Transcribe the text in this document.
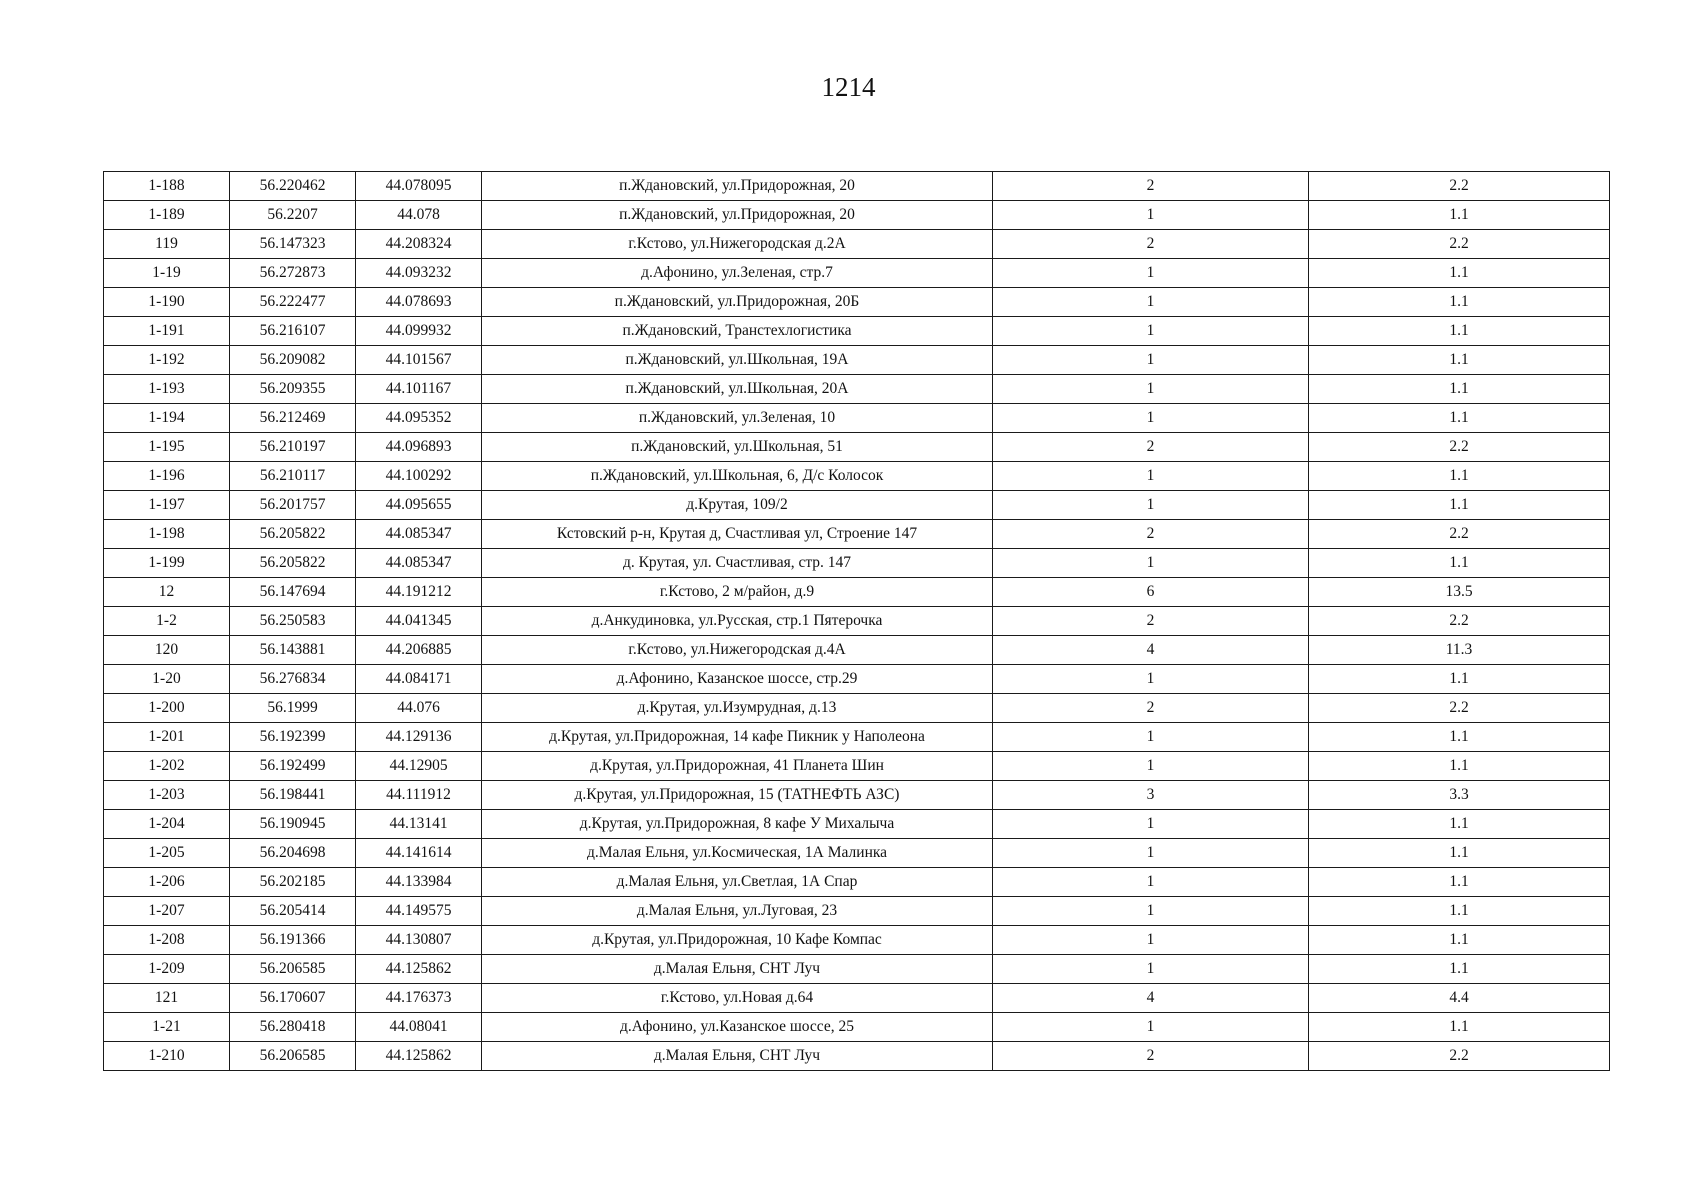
1214
1-188	56.220462	44.078095	п.Ждановский, ул.Придорожная, 20	2	2.2
1-189	56.2207	44.078	п.Ждановский, ул.Придорожная, 20	1	1.1
119	56.147323	44.208324	г.Кстово, ул.Нижегородская д.2А	2	2.2
1-19	56.272873	44.093232	д.Афонино, ул.Зеленая, стр.7	1	1.1
1-190	56.222477	44.078693	п.Ждановский, ул.Придорожная, 20Б	1	1.1
1-191	56.216107	44.099932	п.Ждановский, Транстехлогистика	1	1.1
1-192	56.209082	44.101567	п.Ждановский, ул.Школьная, 19А	1	1.1
1-193	56.209355	44.101167	п.Ждановский, ул.Школьная, 20А	1	1.1
1-194	56.212469	44.095352	п.Ждановский, ул.Зеленая, 10	1	1.1
1-195	56.210197	44.096893	п.Ждановский, ул.Школьная, 51	2	2.2
1-196	56.210117	44.100292	п.Ждановский, ул.Школьная, 6, Д/с Колосок	1	1.1
1-197	56.201757	44.095655	д.Крутая, 109/2	1	1.1
1-198	56.205822	44.085347	Кстовский р-н, Крутая д, Счастливая ул, Строение 147	2	2.2
1-199	56.205822	44.085347	д. Крутая, ул. Счастливая, стр. 147	1	1.1
12	56.147694	44.191212	г.Кстово, 2 м/район, д.9	6	13.5
1-2	56.250583	44.041345	д.Анкудиновка, ул.Русская, стр.1 Пятерочка	2	2.2
120	56.143881	44.206885	г.Кстово, ул.Нижегородская д.4А	4	11.3
1-20	56.276834	44.084171	д.Афонино, Казанское шоссе, стр.29	1	1.1
1-200	56.1999	44.076	д.Крутая, ул.Изумрудная, д.13	2	2.2
1-201	56.192399	44.129136	д.Крутая, ул.Придорожная, 14 кафе Пикник у Наполеона	1	1.1
1-202	56.192499	44.12905	д.Крутая, ул.Придорожная, 41 Планета Шин	1	1.1
1-203	56.198441	44.111912	д.Крутая, ул.Придорожная, 15 (ТАТНЕФТЬ АЗС)	3	3.3
1-204	56.190945	44.13141	д.Крутая, ул.Придорожная, 8 кафе У Михалыча	1	1.1
1-205	56.204698	44.141614	д.Малая Ельня, ул.Космическая, 1А Малинка	1	1.1
1-206	56.202185	44.133984	д.Малая Ельня, ул.Светлая, 1А Спар	1	1.1
1-207	56.205414	44.149575	д.Малая Ельня, ул.Луговая, 23	1	1.1
1-208	56.191366	44.130807	д.Крутая, ул.Придорожная, 10 Кафе Компас	1	1.1
1-209	56.206585	44.125862	д.Малая Ельня, СНТ Луч	1	1.1
121	56.170607	44.176373	г.Кстово, ул.Новая д.64	4	4.4
1-21	56.280418	44.08041	д.Афонино, ул.Казанское шоссе, 25	1	1.1
1-210	56.206585	44.125862	д.Малая Ельня, СНТ Луч	2	2.2
